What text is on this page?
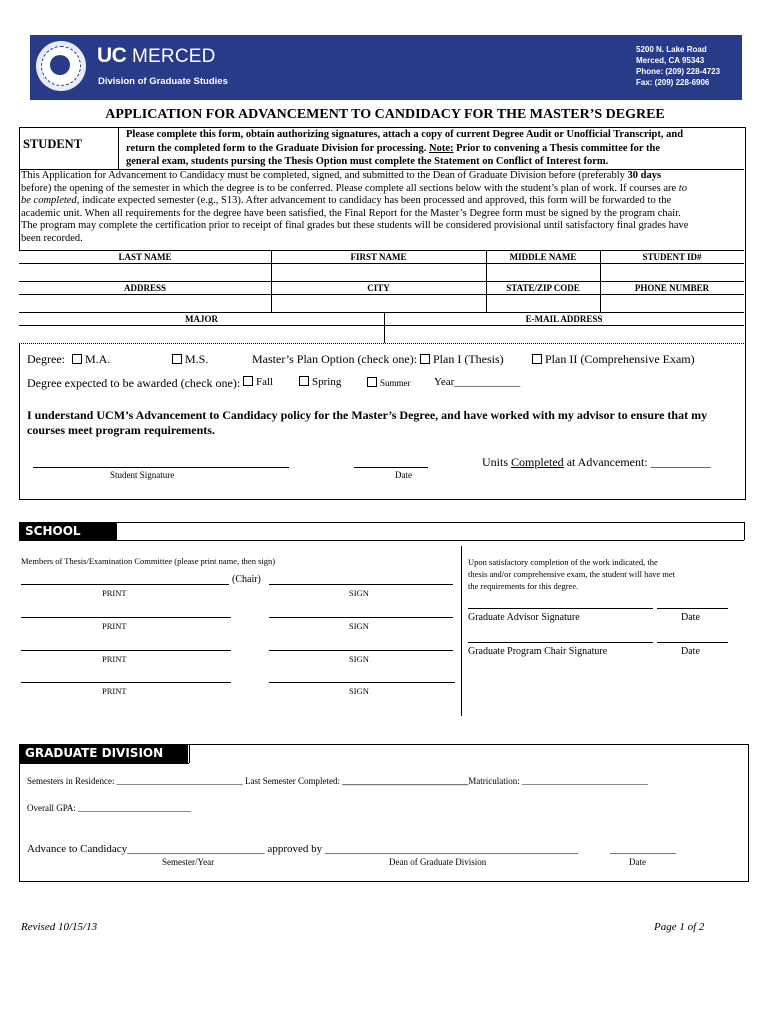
UC MERCED
Division of Graduate Studies
5200 N. Lake Road
Merced, CA 95343
Phone: (209) 228-4723
Fax: (209) 228-6906
APPLICATION FOR ADVANCEMENT TO CANDIDACY FOR THE MASTER’S DEGREE
STUDENT
Please complete this form, obtain authorizing signatures, attach a copy of current Degree Audit or Unofficial Transcript, and
return the completed form to the Graduate Division for processing. Note: Prior to convening a Thesis committee for the
general exam, students pursing the Thesis Option must complete the Statement on Conflict of Interest form.
This Application for Advancement to Candidacy must be completed, signed, and submitted to the Dean of Graduate Division before (preferably 30 days
before) the opening of the semester in which the degree is to be conferred. Please complete all sections below with the student’s plan of work. If courses are to
be completed, indicate expected semester (e.g., S13). After advancement to candidacy has been processed and approved, this form will be forwarded to the
academic unit. When all requirements for the degree have been satisfied, the Final Report for the Master’s Degree form must be signed by the program chair.
The program may complete the certification prior to receipt of final grades but these students will be considered provisional until satisfactory final grades have
been recorded.
LAST NAME	FIRST NAME	MIDDLE NAME	STUDENT ID#
ADDRESS	CITY	STATE/ZIP CODE	PHONE NUMBER
MAJOR	E-MAIL ADDRESS
Degree:	M.A.	M.S.	Master’s Plan Option (check one):	Plan I (Thesis)	Plan II (Comprehensive Exam)
Degree expected to be awarded (check one):	Fall	Spring	Summer Year____________
I understand UCM’s Advancement to Candidacy policy for the Master’s Degree, and have worked with my advisor to ensure that my
courses meet program requirements.
Units Completed at Advancement: __________
Student Signature	Date
SCHOOL
Members of Thesis/Examination Committee (please print name, then sign)
(Chair)
PRINT	SIGN
PRINT	SIGN
PRINT	SIGN
PRINT	SIGN
Upon satisfactory completion of the work indicated, the
thesis and/or comprehensive exam, the student will have met
the requirements for this degree.
Graduate Advisor Signature	Date
Graduate Program Chair Signature	Date
GRADUATE DIVISION
Semesters in Residence: ____________________________ Last Semester Completed: ____________________________Matriculation: ____________________________
Overall GPA: _________________________
Advance to Candidacy_________________________ approved by ______________________________________________	____________
Semester/Year	Dean of Graduate Division	Date
Revised 10/15/13	Page 1 of 2
